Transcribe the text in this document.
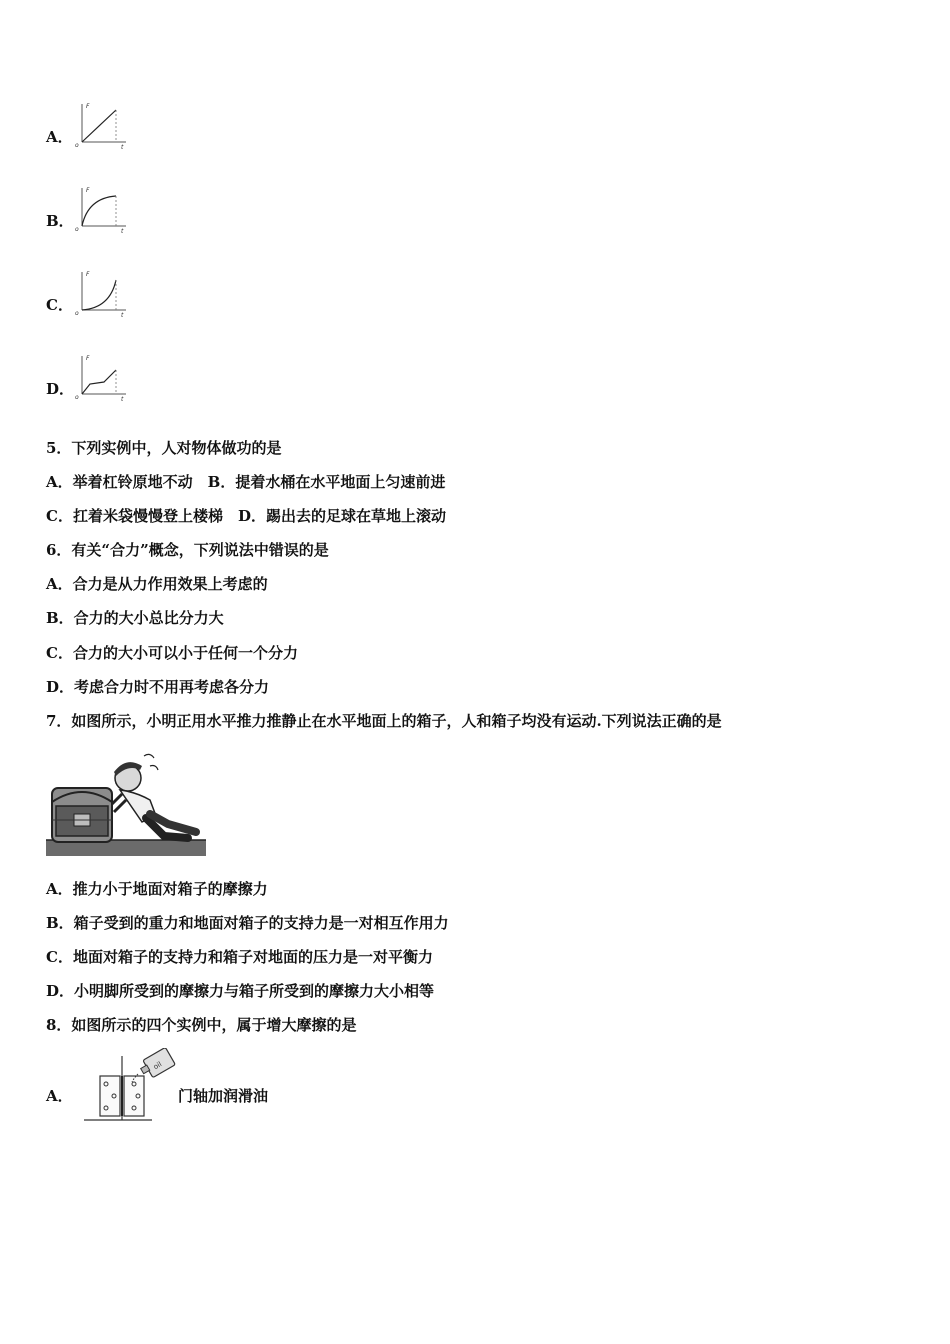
A．
F
t
o
B．
F
t
o
C．
F
t
o
D．
F
t
o
5．下列实例中，人对物体做功的是
A．举着杠铃原地不动　B．提着水桶在水平地面上匀速前进
C．扛着米袋慢慢登上楼梯　D．踢出去的足球在草地上滚动
6．有关“合力”概念，下列说法中错误的是
A．合力是从力作用效果上考虑的
B．合力的大小总比分力大
C．合力的大小可以小于任何一个分力
D．考虑合力时不用再考虑各分力
7．如图所示，小明正用水平推力推静止在水平地面上的箱子，人和箱子均没有运动.下列说法正确的是
A．推力小于地面对箱子的摩擦力
B．箱子受到的重力和地面对箱子的支持力是一对相互作用力
C．地面对箱子的支持力和箱子对地面的压力是一对平衡力
D．小明脚所受到的摩擦力与箱子所受到的摩擦力大小相等
8．如图所示的四个实例中，属于增大摩擦的是
A．
oil
门轴加润滑油
